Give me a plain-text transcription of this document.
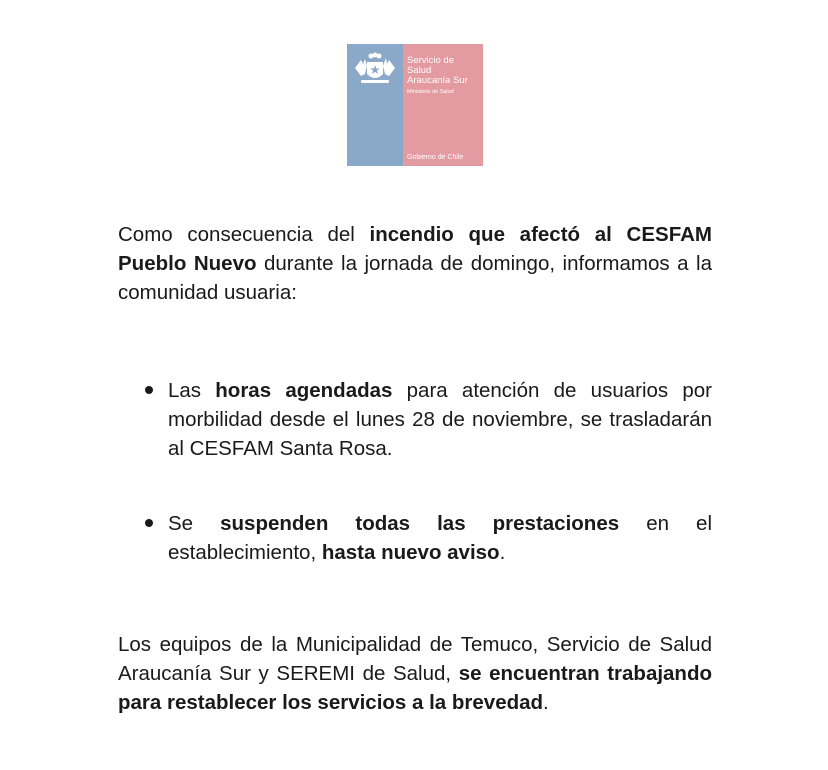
Servicio de
Salud
Araucanía Sur
Ministerio de Salud
Gobierno de Chile

Como consecuencia del incendio que afectó al CESFAM Pueblo Nuevo durante la jornada de domingo, informamos a la comunidad usuaria:

Las horas agendadas para atención de usuarios por morbilidad desde el lunes 28 de noviembre, se trasladarán al CESFAM Santa Rosa.
Se suspenden todas las prestaciones en el establecimiento, hasta nuevo aviso.

Los equipos de la Municipalidad de Temuco, Servicio de Salud Araucanía Sur y SEREMI de Salud, se encuentran trabajando para restablecer los servicios a la brevedad.
